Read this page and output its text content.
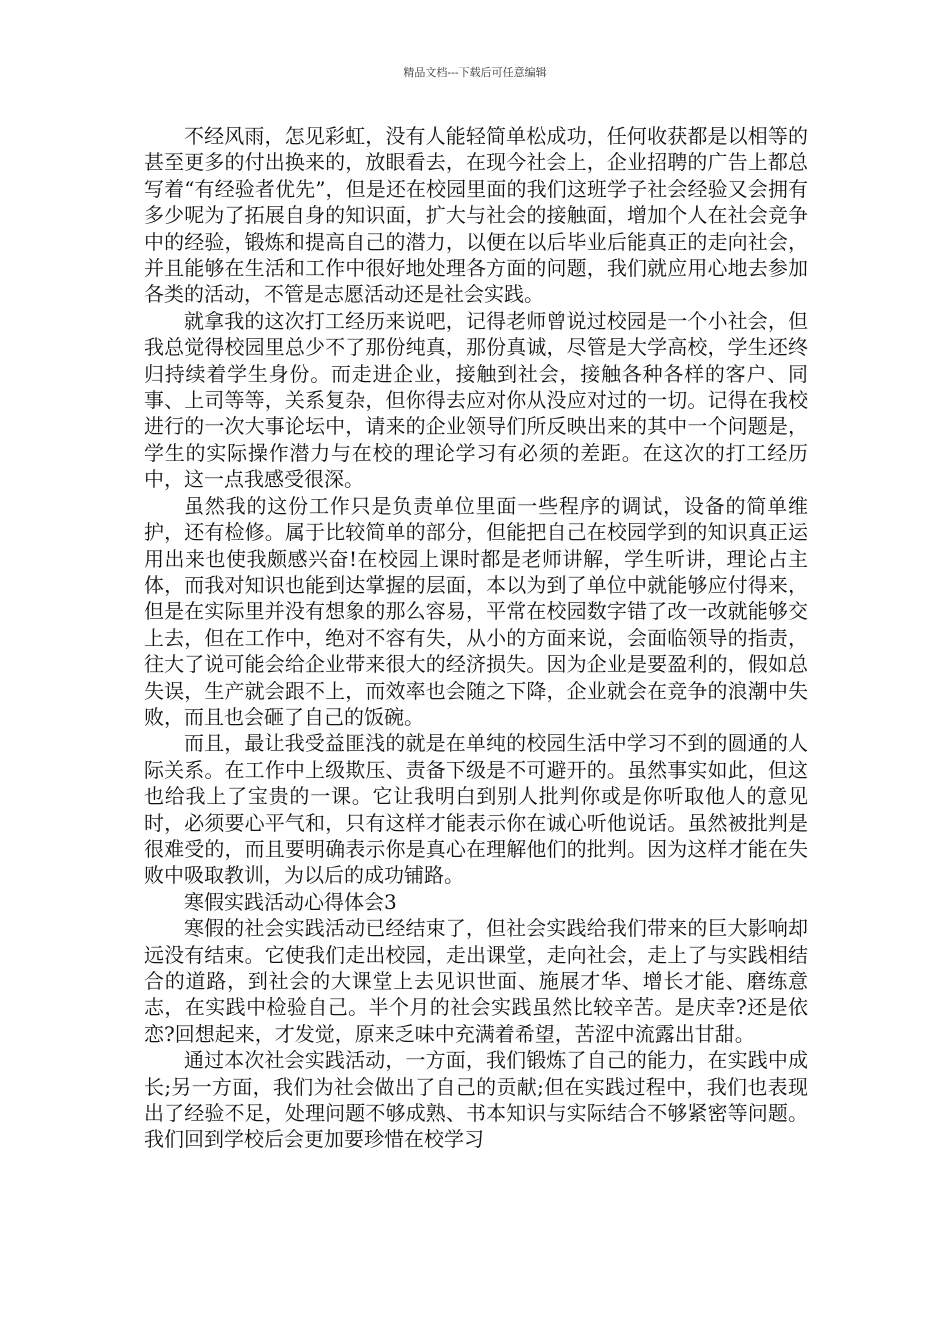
精品文档---下载后可任意编辑

不经风雨，怎见彩虹，没有人能轻简单松成功，任何收获都是以相等的甚至更多的付出换来的，放眼看去，在现今社会上，企业招聘的广告上都总写着“有经验者优先”，但是还在校园里面的我们这班学子社会经验又会拥有多少呢为了拓展自身的知识面，扩大与社会的接触面，增加个人在社会竞争中的经验，锻炼和提高自己的潜力，以便在以后毕业后能真正的走向社会，并且能够在生活和工作中很好地处理各方面的问题，我们就应用心地去参加各类的活动，不管是志愿活动还是社会实践。

就拿我的这次打工经历来说吧，记得老师曾说过校园是一个小社会，但我总觉得校园里总少不了那份纯真，那份真诚，尽管是大学高校，学生还终归持续着学生身份。而走进企业，接触到社会，接触各种各样的客户、同事、上司等等，关系复杂，但你得去应对你从没应对过的一切。记得在我校进行的一次大事论坛中，请来的企业领导们所反映出来的其中一个问题是，学生的实际操作潜力与在校的理论学习有必须的差距。在这次的打工经历中，这一点我感受很深。

虽然我的这份工作只是负责单位里面一些程序的调试，设备的简单维护，还有检修。属于比较简单的部分，但能把自己在校园学到的知识真正运用出来也使我颇感兴奋!在校园上课时都是老师讲解，学生听讲，理论占主体，而我对知识也能到达掌握的层面，本以为到了单位中就能够应付得来，但是在实际里并没有想象的那么容易，平常在校园数字错了改一改就能够交上去，但在工作中，绝对不容有失，从小的方面来说，会面临领导的指责，往大了说可能会给企业带来很大的经济损失。因为企业是要盈利的，假如总失误，生产就会跟不上，而效率也会随之下降，企业就会在竞争的浪潮中失败，而且也会砸了自己的饭碗。

而且，最让我受益匪浅的就是在单纯的校园生活中学习不到的圆通的人际关系。在工作中上级欺压、责备下级是不可避开的。虽然事实如此，但这也给我上了宝贵的一课。它让我明白到别人批判你或是你听取他人的意见时，必须要心平气和，只有这样才能表示你在诚心听他说话。虽然被批判是很难受的，而且要明确表示你是真心在理解他们的批判。因为这样才能在失败中吸取教训，为以后的成功铺路。

寒假实践活动心得体会3

寒假的社会实践活动已经结束了，但社会实践给我们带来的巨大影响却远没有结束。它使我们走出校园，走出课堂，走向社会，走上了与实践相结合的道路，到社会的大课堂上去见识世面、施展才华、增长才能、磨练意志，在实践中检验自己。半个月的社会实践虽然比较辛苦。是庆幸?还是依恋?回想起来，才发觉，原来乏味中充满着希望，苦涩中流露出甘甜。

通过本次社会实践活动，一方面，我们锻炼了自己的能力，在实践中成长;另一方面，我们为社会做出了自己的贡献;但在实践过程中，我们也表现出了经验不足，处理问题不够成熟、书本知识与实际结合不够紧密等问题。我们回到学校后会更加要珍惜在校学习
